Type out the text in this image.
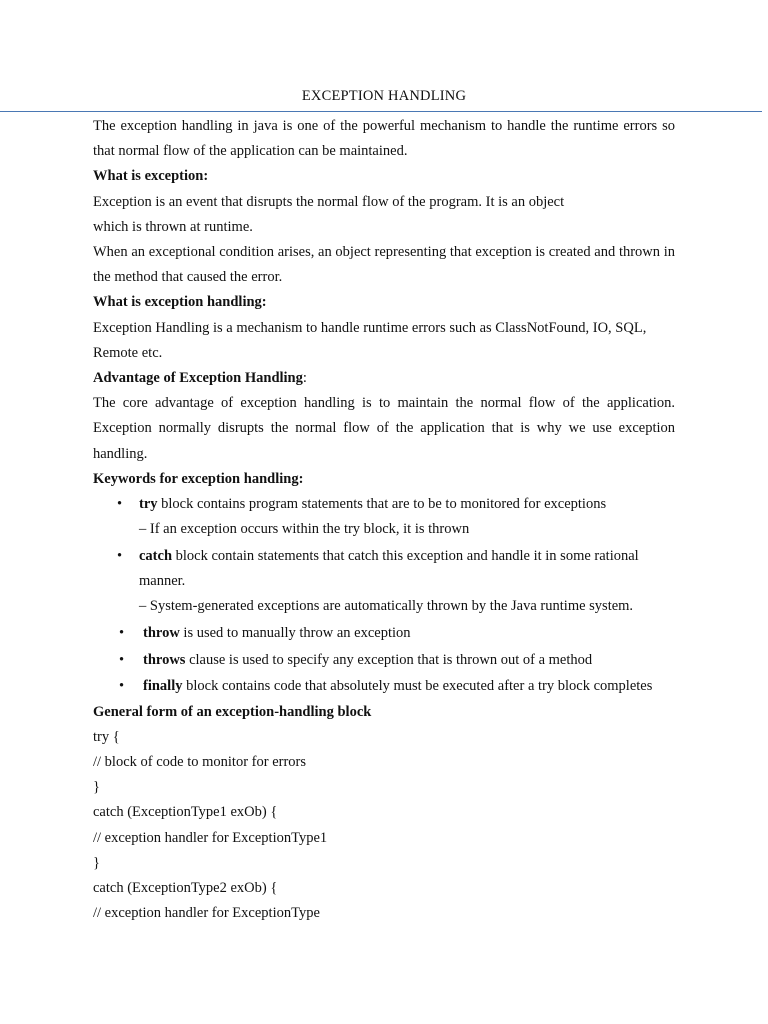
EXCEPTION HANDLING

The exception handling in java is one of the powerful mechanism to handle the runtime errors so that normal flow of the application can be maintained.

What is exception:

Exception is an event that disrupts the normal flow of the program. It is an object

which is thrown at runtime.

When an exceptional condition arises, an object representing that exception is created and thrown in the method that caused the error.

What is exception handling:

Exception Handling is a mechanism to handle runtime errors such as ClassNotFound, IO, SQL, Remote etc.

Advantage of Exception Handling:

The core advantage of exception handling is to maintain the normal flow of the application. Exception normally disrupts the normal flow of the application that is why we use exception handling.

Keywords for exception handling:

• try block contains program statements that are to be to monitored for exceptions
– If an exception occurs within the try block, it is thrown
• catch block contain statements that catch this exception and handle it in some rational manner.
– System-generated exceptions are automatically thrown by the Java runtime system.
• throw is used to manually throw an exception
• throws clause is used to specify any exception that is thrown out of a method
• finally block contains code that absolutely must be executed after a try block completes

General form of an exception-handling block

try {

// block of code to monitor for errors

}

catch (ExceptionType1 exOb) {

// exception handler for ExceptionType1

}

catch (ExceptionType2 exOb) {

// exception handler for ExceptionType
